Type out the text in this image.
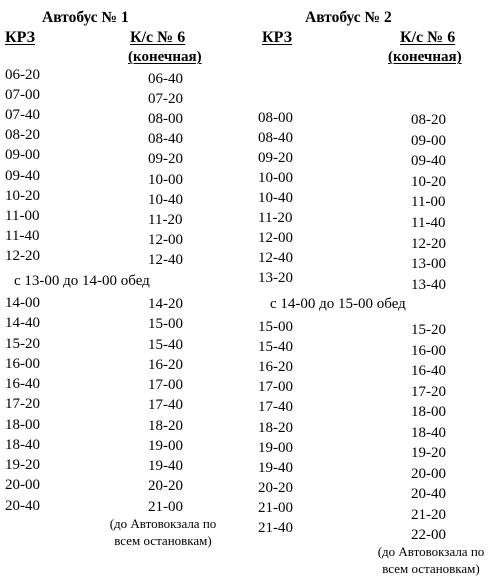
Автобус № 1
КРЗ	К/с № 6
(конечная)
Автобус № 2
КРЗ	К/с № 6
(конечная)
06-20
07-00
07-40
08-20
09-00
09-40
10-20
11-00
11-40
12-20
14-00
14-40
15-20
16-00
16-40
17-20
18-00
18-40
19-20
20-00
20-40
06-40
07-20
08-00
08-40
09-20
10-00
10-40
11-20
12-00
12-40
14-20
15-00
15-40
16-20
17-00
17-40
18-20
19-00
19-40
20-20
21-00
с 13-00 до 14-00 обед
(до Автовокзала по
всем остановкам)
08-00
08-40
09-20
10-00
10-40
11-20
12-00
12-40
13-20
15-00
15-40
16-20
17-00
17-40
18-20
19-00
19-40
20-20
21-00
21-40
08-20
09-00
09-40
10-20
11-00
11-40
12-20
13-00
13-40
15-20
16-00
16-40
17-20
18-00
18-40
19-20
20-00
20-40
21-20
22-00
с 14-00 до 15-00 обед
(до Автовокзала по
всем остановкам)
